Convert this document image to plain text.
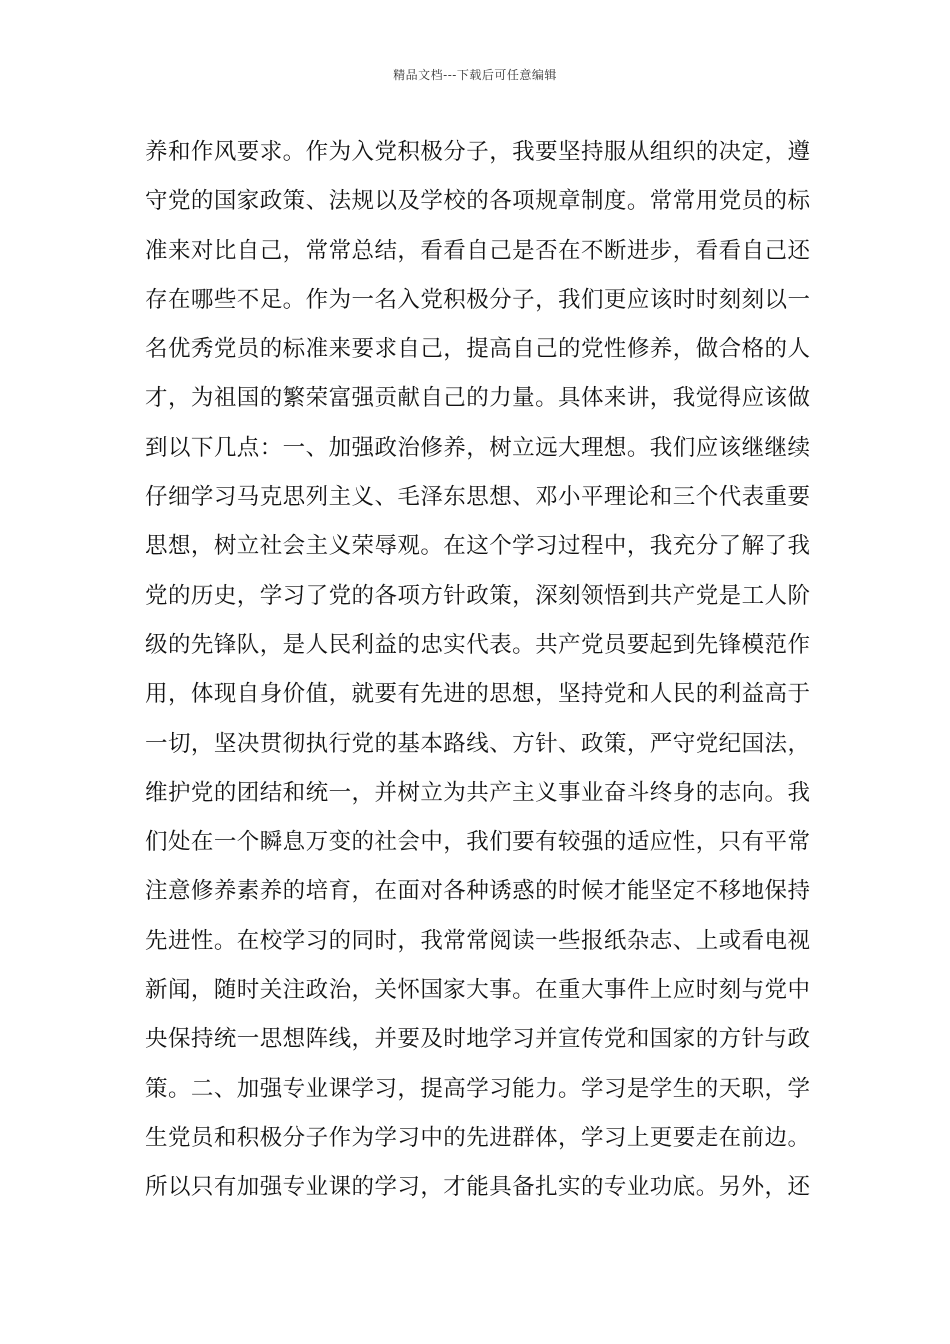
精品文档---下载后可任意编辑
养和作风要求。作为入党积极分子，我要坚持服从组织的决定，遵
守党的国家政策、法规以及学校的各项规章制度。常常用党员的标
准来对比自己，常常总结，看看自己是否在不断进步，看看自己还
存在哪些不足。作为一名入党积极分子，我们更应该时时刻刻以一
名优秀党员的标准来要求自己，提高自己的党性修养，做合格的人
才，为祖国的繁荣富强贡献自己的力量。具体来讲，我觉得应该做
到以下几点：一、加强政治修养，树立远大理想。我们应该继继续
仔细学习马克思列主义、毛泽东思想、邓小平理论和三个代表重要
思想，树立社会主义荣辱观。在这个学习过程中，我充分了解了我
党的历史，学习了党的各项方针政策，深刻领悟到共产党是工人阶
级的先锋队，是人民利益的忠实代表。共产党员要起到先锋模范作
用，体现自身价值，就要有先进的思想，坚持党和人民的利益高于
一切，坚决贯彻执行党的基本路线、方针、政策，严守党纪国法，
维护党的团结和统一，并树立为共产主义事业奋斗终身的志向。我
们处在一个瞬息万变的社会中，我们要有较强的适应性，只有平常
注意修养素养的培育，在面对各种诱惑的时候才能坚定不移地保持
先进性。在校学习的同时，我常常阅读一些报纸杂志、上或看电视
新闻，随时关注政治，关怀国家大事。在重大事件上应时刻与党中
央保持统一思想阵线，并要及时地学习并宣传党和国家的方针与政
策。二、加强专业课学习，提高学习能力。学习是学生的天职，学
生党员和积极分子作为学习中的先进群体，学习上更要走在前边。
所以只有加强专业课的学习，才能具备扎实的专业功底。另外，还
